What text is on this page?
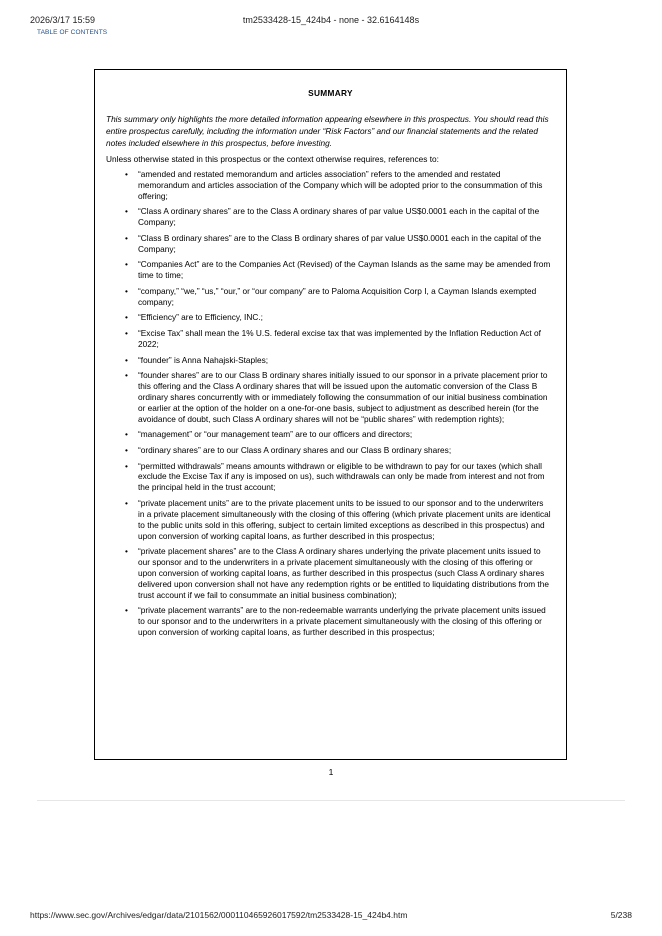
2026/3/17 15:59	tm2533428-15_424b4 - none - 32.6164148s
TABLE OF CONTENTS
SUMMARY
This summary only highlights the more detailed information appearing elsewhere in this prospectus. You should read this entire prospectus carefully, including the information under “Risk Factors” and our financial statements and the related notes included elsewhere in this prospectus, before investing.
Unless otherwise stated in this prospectus or the context otherwise requires, references to:
• “amended and restated memorandum and articles association” refers to the amended and restated memorandum and articles association of the Company which will be adopted prior to the consummation of this offering;
• “Class A ordinary shares” are to the Class A ordinary shares of par value US$0.0001 each in the capital of the Company;
• “Class B ordinary shares” are to the Class B ordinary shares of par value US$0.0001 each in the capital of the Company;
• “Companies Act” are to the Companies Act (Revised) of the Cayman Islands as the same may be amended from time to time;
• “company,” “we,” “us,” “our,” or “our company” are to Paloma Acquisition Corp I, a Cayman Islands exempted company;
• “Efficiency” are to Efficiency, INC.;
• “Excise Tax” shall mean the 1% U.S. federal excise tax that was implemented by the Inflation Reduction Act of 2022;
• “founder” is Anna Nahajski-Staples;
• “founder shares” are to our Class B ordinary shares initially issued to our sponsor in a private placement prior to this offering and the Class A ordinary shares that will be issued upon the automatic conversion of the Class B ordinary shares concurrently with or immediately following the consummation of our initial business combination or earlier at the option of the holder on a one-for-one basis, subject to adjustment as described herein (for the avoidance of doubt, such Class A ordinary shares will not be “public shares” with redemption rights);
• “management” or “our management team” are to our officers and directors;
• “ordinary shares” are to our Class A ordinary shares and our Class B ordinary shares;
• “permitted withdrawals” means amounts withdrawn or eligible to be withdrawn to pay for our taxes (which shall exclude the Excise Tax if any is imposed on us), such withdrawals can only be made from interest and not from the principal held in the trust account;
• “private placement units” are to the private placement units to be issued to our sponsor and to the underwriters in a private placement simultaneously with the closing of this offering (which private placement units are identical to the public units sold in this offering, subject to certain limited exceptions as described in this prospectus) and upon conversion of working capital loans, as further described in this prospectus;
• “private placement shares” are to the Class A ordinary shares underlying the private placement units issued to our sponsor and to the underwriters in a private placement simultaneously with the closing of this offering or upon conversion of working capital loans, as further described in this prospectus (such Class A ordinary shares delivered upon conversion shall not have any redemption rights or be entitled to liquidating distributions from the trust account if we fail to consummate an initial business combination);
• “private placement warrants” are to the non-redeemable warrants underlying the private placement units issued to our sponsor and to the underwriters in a private placement simultaneously with the closing of this offering or upon conversion of working capital loans, as further described in this prospectus;
1
https://www.sec.gov/Archives/edgar/data/2101562/000110465926017592/tm2533428-15_424b4.htm	5/238
